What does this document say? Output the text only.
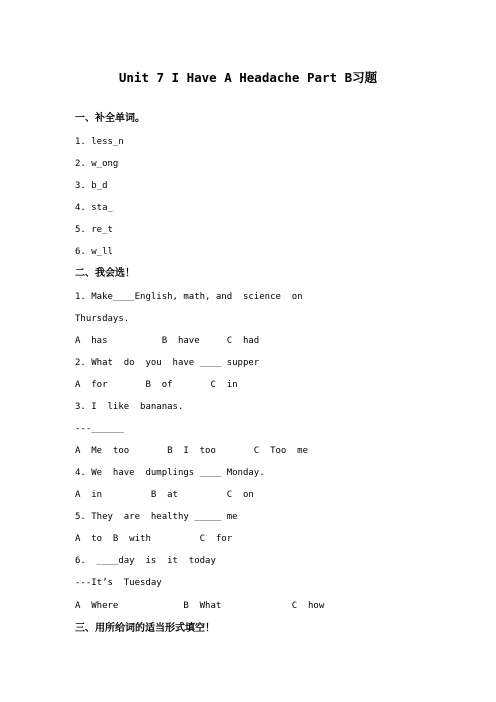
Unit 7 I Have A Headache Part B习题
一、补全单词。
1. less_n
2. w_ong
3. b_d
4. sta_
5. re_t
6. w_ll
二、我会选！
1. Make____English, math, and  science  on
Thursdays.
A  has          B  have     C  had
2. What  do  you  have ____ supper
A  for       B  of       C  in
3. I  like  bananas.
---______
A  Me  too       B  I  too       C  Too  me
4. We  have  dumplings ____ Monday.
A  in         B  at         C  on
5. They  are  healthy _____ me
A  to  B  with         C  for
6.  ____day  is  it  today
---It’s  Tuesday
A  Where            B  What             C  how
三、用所给词的适当形式填空！
